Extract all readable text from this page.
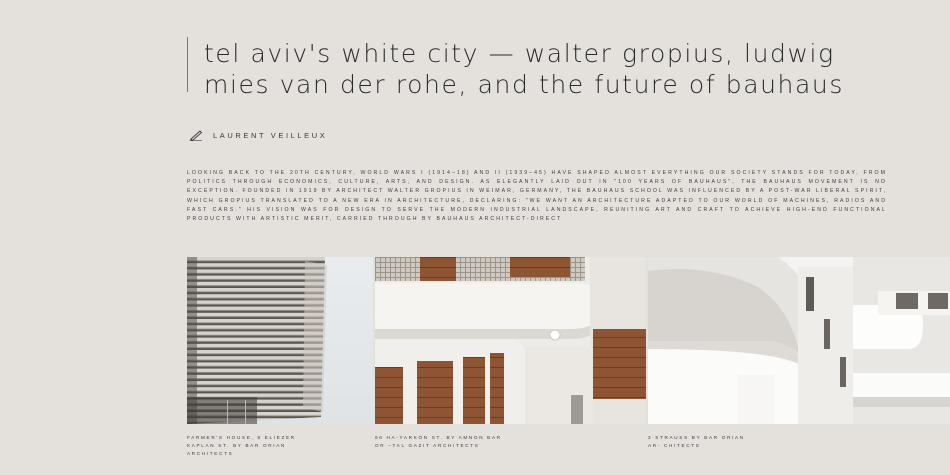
tel aviv's white city — walter gropius, ludwig mies van der rohe, and the future of bauhaus
LAURENT VEILLEUX

LOOKING BACK TO THE 20TH CENTURY, WORLD WARS I (1914–18) AND II (1939–45) HAVE SHAPED ALMOST EVERYTHING OUR SOCIETY STANDS FOR TODAY, FROM POLITICS THROUGH ECONOMICS, CULTURE, ARTS, AND DESIGN. AS ELEGANTLY LAID OUT IN "100 YEARS OF BAUHAUS", THE BAUHAUS MOVEMENT IS NO EXCEPTION. FOUNDED IN 1919 BY ARCHITECT WALTER GROPIUS IN WEIMAR, GERMANY, THE BAUHAUS SCHOOL WAS INFLUENCED BY A POST-WAR LIBERAL SPIRIT, WHICH GROPIUS TRANSLATED TO A NEW ERA IN ARCHITECTURE, DECLARING: "WE WANT AN ARCHITECTURE ADAPTED TO OUR WORLD OF MACHINES, RADIOS AND FAST CARS." HIS VISION WAS FOR DESIGN TO SERVE THE MODERN INDUSTRIAL LANDSCAPE, REUNITING ART AND CRAFT TO ACHIEVE HIGH-END FUNCTIONAL PRODUCTS WITH ARTISTIC MERIT, CARRIED THROUGH BY BAUHAUS ARCHITECT-DIRECT

FARMER'S HOUSE, 8 ELIEZER KAPLAN ST. BY BAR ORIAN ARCHITECTS
96 HA-YARKON ST. BY AMNON BAR OR –TAL GAZIT ARCHITECTS
3 STRAUSS BY BAR ORIAN AR- CHITECTS
